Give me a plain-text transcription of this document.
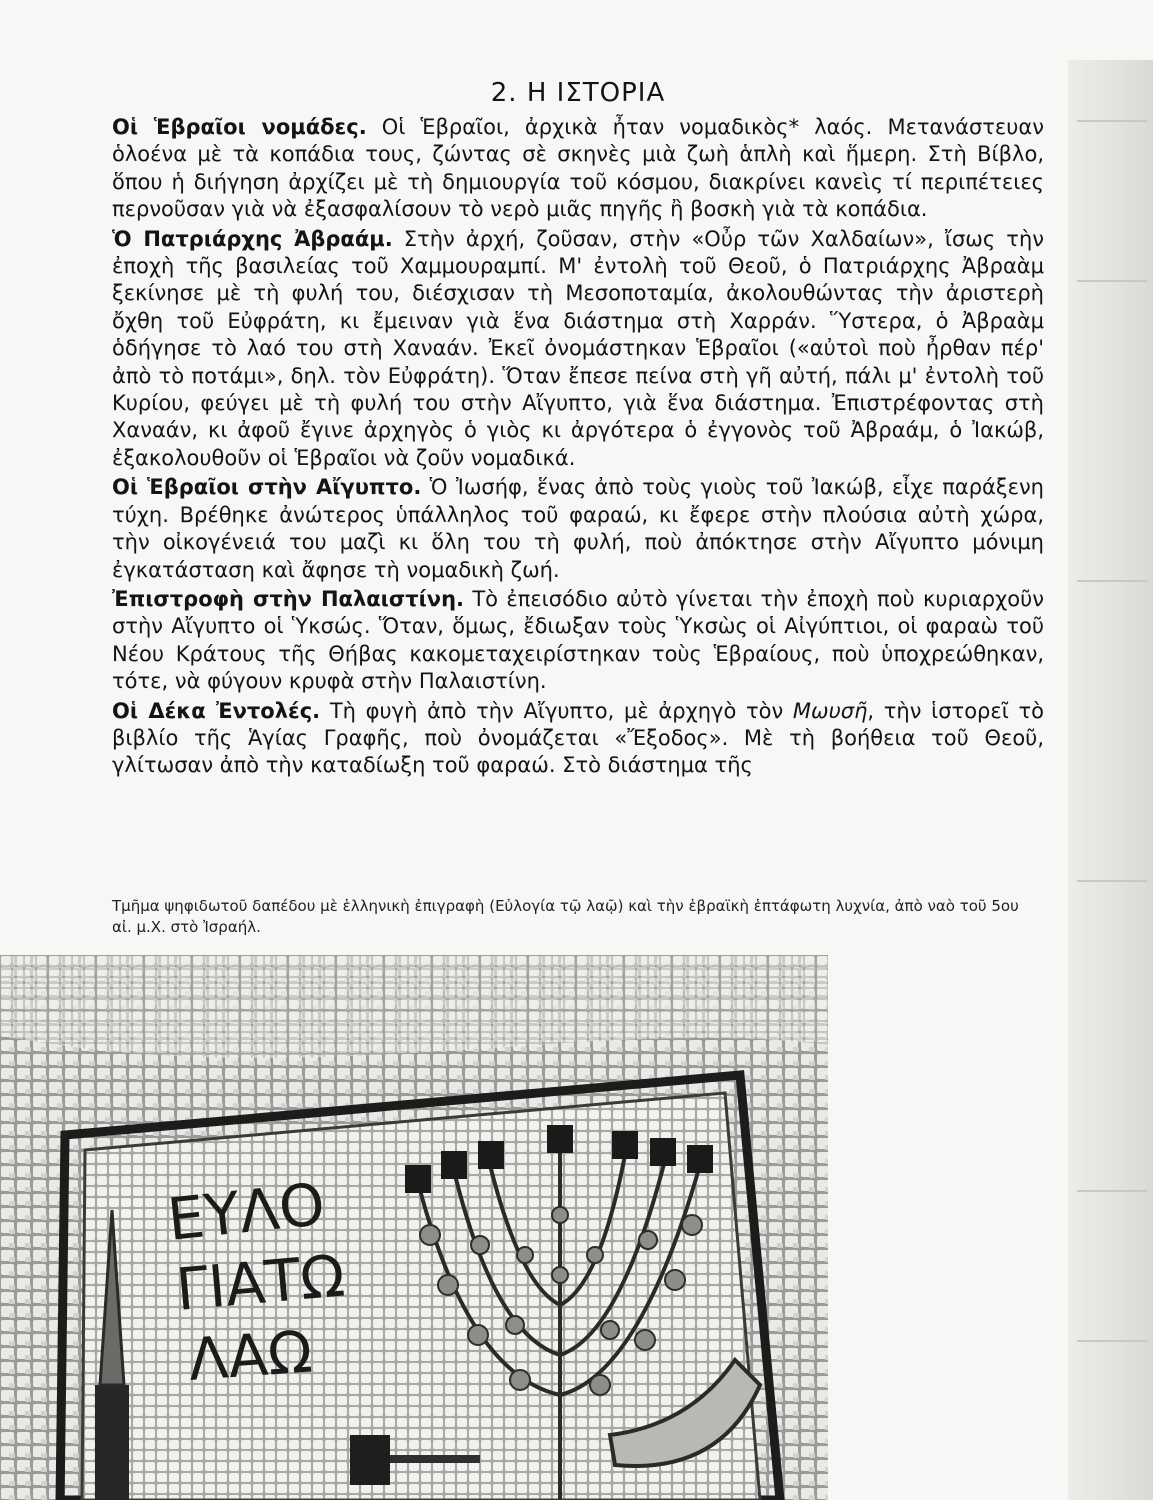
2. Η ΙΣΤΟΡΙΑ

Οἱ Ἑβραῖοι νομάδες. Οἱ Ἑβραῖοι, ἀρχικὰ ἦταν νομαδικὸς* λαός. Μετανάστευαν ὁλοένα μὲ τὰ κοπάδια τους, ζώντας σὲ σκηνὲς μιὰ ζωὴ ἁπλὴ καὶ ἥμερη. Στὴ Βίβλο, ὅπου ἡ διήγηση ἀρχίζει μὲ τὴ δημιουργία τοῦ κόσμου, διακρίνει κανεὶς τί περιπέτειες περνοῦσαν γιὰ νὰ ἐξασφαλίσουν τὸ νερὸ μιᾶς πηγῆς ἢ βοσκὴ γιὰ τὰ κοπάδια.

Ὁ Πατριάρχης Ἀβραάμ. Στὴν ἀρχή, ζοῦσαν, στὴν «Οὖρ τῶν Χαλδαίων», ἴσως τὴν ἐποχὴ τῆς βασιλείας τοῦ Χαμμουραμπί. Μ' ἐντολὴ τοῦ Θεοῦ, ὁ Πατριάρχης Ἀβραὰμ ξεκίνησε μὲ τὴ φυλή του, διέσχισαν τὴ Μεσοποταμία, ἀκολουθώντας τὴν ἀριστερὴ ὄχθη τοῦ Εὐφράτη, κι ἔμειναν γιὰ ἕνα διάστημα στὴ Χαρράν. Ὕστερα, ὁ Ἀβραὰμ ὁδήγησε τὸ λαό του στὴ Χαναάν. Ἐκεῖ ὀνομάστηκαν Ἑβραῖοι («αὐτοὶ ποὺ ἦρθαν πέρ' ἀπὸ τὸ ποτάμι», δηλ. τὸν Εὐφράτη). Ὅταν ἔπεσε πείνα στὴ γῆ αὐτή, πάλι μ' ἐντολὴ τοῦ Κυρίου, φεύγει μὲ τὴ φυλή του στὴν Αἴγυπτο, γιὰ ἕνα διάστημα. Ἐπιστρέφοντας στὴ Χαναάν, κι ἀφοῦ ἔγινε ἀρχηγὸς ὁ γιὸς κι ἀργότερα ὁ ἐγγονὸς τοῦ Ἀβραάμ, ὁ Ἰακώβ, ἐξακολουθοῦν οἱ Ἑβραῖοι νὰ ζοῦν νομαδικά.

Οἱ Ἑβραῖοι στὴν Αἴγυπτο. Ὁ Ἰωσήφ, ἕνας ἀπὸ τοὺς γιοὺς τοῦ Ἰακώβ, εἶχε παράξενη τύχη. Βρέθηκε ἀνώτερος ὑπάλληλος τοῦ φαραώ, κι ἔφερε στὴν πλούσια αὐτὴ χώρα, τὴν οἰκογένειά του μαζὶ κι ὅλη του τὴ φυλή, ποὺ ἀπόκτησε στὴν Αἴγυπτο μόνιμη ἐγκατάσταση καὶ ἄφησε τὴ νομαδικὴ ζωή.

Ἐπιστροφὴ στὴν Παλαιστίνη. Τὸ ἐπεισόδιο αὐτὸ γίνεται τὴν ἐποχὴ ποὺ κυριαρχοῦν στὴν Αἴγυπτο οἱ Ὑκσώς. Ὅταν, ὅμως, ἔδιωξαν τοὺς Ὑκσὼς οἱ Αἰγύπτιοι, οἱ φαραὼ τοῦ Νέου Κράτους τῆς Θήβας κακομεταχειρίστηκαν τοὺς Ἑβραίους, ποὺ ὑποχρεώθηκαν, τότε, νὰ φύγουν κρυφὰ στὴν Παλαιστίνη.

Οἱ Δέκα Ἐντολές. Τὴ φυγὴ ἀπὸ τὴν Αἴγυπτο, μὲ ἀρχηγὸ τὸν Μωυσῆ, τὴν ἱστορεῖ τὸ βιβλίο τῆς Ἁγίας Γραφῆς, ποὺ ὀνομάζεται «Ἔξοδος». Μὲ τὴ βοήθεια τοῦ Θεοῦ, γλίτωσαν ἀπὸ τὴν καταδίωξη τοῦ φαραώ. Στὸ διάστημα τῆς

Τμῆμα ψηφιδωτοῦ δαπέδου μὲ ἑλληνικὴ ἐπιγραφὴ (Εὐλογία τῷ λαῷ) καὶ τὴν ἑβραϊκὴ ἑπτάφωτη λυχνία, ἀπὸ ναὸ τοῦ 5ου αἰ. μ.Χ. στὸ Ἰσραήλ.
ΕΥΛΟ
ΓΙΑΤΩ
ΛΑΩ
